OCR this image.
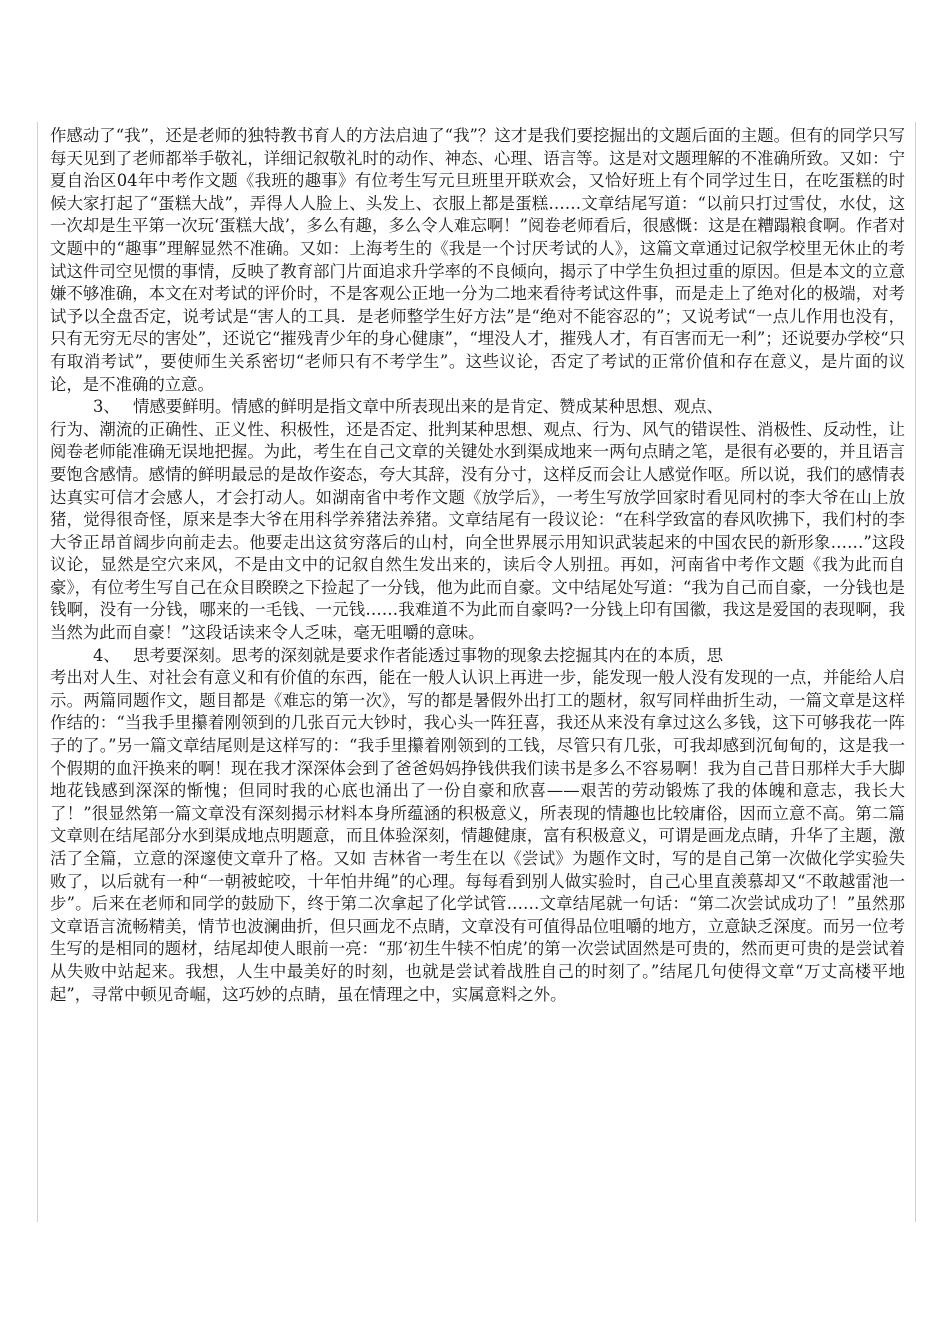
作感动了“我”，还是老师的独特教书育人的方法启迪了“我”？这才是我们要挖掘出的文题后面的主题。但有的同学只写每天见到了老师都举手敬礼，详细记叙敬礼时的动作、神态、心理、语言等。这是对文题理解的不准确所致。又如：宁夏自治区04年中考作文题《我班的趣事》有位考生写元旦班里开联欢会，又恰好班上有个同学过生日，在吃蛋糕的时候大家打起了“蛋糕大战”，弄得人人脸上、头发上、衣服上都是蛋糕……文章结尾写道：“以前只打过雪仗，水仗，这一次却是生平第一次玩‘蛋糕大战’，多么有趣，多么令人难忘啊！”阅卷老师看后，很感慨：这是在糟蹋粮食啊。作者对文题中的“趣事”理解显然不准确。又如：上海考生的《我是一个讨厌考试的人》，这篇文章通过记叙学校里无休止的考试这件司空见惯的事情，反映了教育部门片面追求升学率的不良倾向，揭示了中学生负担过重的原因。但是本文的立意嫌不够准确，本文在对考试的评价时，不是客观公正地一分为二地来看待考试这件事，而是走上了绝对化的极端，对考试予以全盘否定，说考试是“害人的工具．是老师整学生好方法”是“绝对不能容忍的”；又说考试“一点儿作用也没有，只有无穷无尽的害处”，还说它“摧残青少年的身心健康”，“埋没人才，摧残人才，有百害而无一利”；还说要办学校“只有取消考试”，要使师生关系密切“老师只有不考学生”。这些议论，否定了考试的正常价值和存在意义，是片面的议论，是不准确的立意。

3、 情感要鲜明。情感的鲜明是指文章中所表现出来的是肯定、赞成某种思想、观点、

行为、潮流的正确性、正义性、积极性，还是否定、批判某种思想、观点、行为、风气的错误性、消极性、反动性，让阅卷老师能准确无误地把握。为此，考生在自己文章的关键处水到渠成地来一两句点睛之笔，是很有必要的，并且语言要饱含感情。感情的鲜明最忌的是故作姿态，夸大其辞，没有分寸，这样反而会让人感觉作呕。所以说，我们的感情表达真实可信才会感人，才会打动人。如湖南省中考作文题《放学后》，一考生写放学回家时看见同村的李大爷在山上放猪，觉得很奇怪，原来是李大爷在用科学养猪法养猪。文章结尾有一段议论：“在科学致富的春风吹拂下，我们村的李大爷正昂首阔步向前走去。他要走出这贫穷落后的山村，向全世界展示用知识武装起来的中国农民的新形象……”这段议论，显然是空穴来风，不是由文中的记叙自然生发出来的，读后令人别扭。再如，河南省中考作文题《我为此而自豪》，有位考生写自己在众目睽睽之下捡起了一分钱，他为此而自豪。文中结尾处写道：“我为自己而自豪，一分钱也是钱啊，没有一分钱，哪来的一毛钱、一元钱……我难道不为此而自豪吗?一分钱上印有国徽，我这是爱国的表现啊，我当然为此而自豪！”这段话读来令人乏味，毫无咀嚼的意味。

4、 思考要深刻。思考的深刻就是要求作者能透过事物的现象去挖掘其内在的本质，思

考出对人生、对社会有意义和有价值的东西，能在一般人认识上再进一步，能发现一般人没有发现的一点，并能给人启示。两篇同题作文，题目都是《难忘的第一次》，写的都是暑假外出打工的题材，叙写同样曲折生动，一篇文章是这样作结的：“当我手里攥着刚领到的几张百元大钞时，我心头一阵狂喜，我还从来没有拿过这么多钱，这下可够我花一阵子的了。”另一篇文章结尾则是这样写的：“我手里攥着刚领到的工钱，尽管只有几张，可我却感到沉甸甸的，这是我一个假期的血汗换来的啊！现在我才深深体会到了爸爸妈妈挣钱供我们读书是多么不容易啊！我为自己昔日那样大手大脚地花钱感到深深的惭愧；但同时我的心底也涌出了一份自豪和欣喜——艰苦的劳动锻炼了我的体魄和意志，我长大了！”很显然第一篇文章没有深刻揭示材料本身所蕴涵的积极意义，所表现的情趣也比较庸俗，因而立意不高。第二篇文章则在结尾部分水到渠成地点明题意，而且体验深刻，情趣健康，富有积极意义，可谓是画龙点睛，升华了主题，激活了全篇，立意的深邃使文章升了格。又如 吉林省一考生在以《尝试》为题作文时，写的是自己第一次做化学实验失败了，以后就有一种“一朝被蛇咬，十年怕井绳”的心理。每每看到别人做实验时，自己心里直羡慕却又“不敢越雷池一步”。后来在老师和同学的鼓励下，终于第二次拿起了化学试管……文章结尾就一句话：“第二次尝试成功了！”虽然那文章语言流畅精美，情节也波澜曲折，但只画龙不点睛，文章没有可值得品位咀嚼的地方，立意缺乏深度。而另一位考生写的是相同的题材，结尾却使人眼前一亮：“那‘初生牛犊不怕虎’的第一次尝试固然是可贵的，然而更可贵的是尝试着从失败中站起来。我想，人生中最美好的时刻，也就是尝试着战胜自己的时刻了。”结尾几句使得文章“万丈高楼平地起”，寻常中顿见奇崛，这巧妙的点睛，虽在情理之中，实属意料之外。
